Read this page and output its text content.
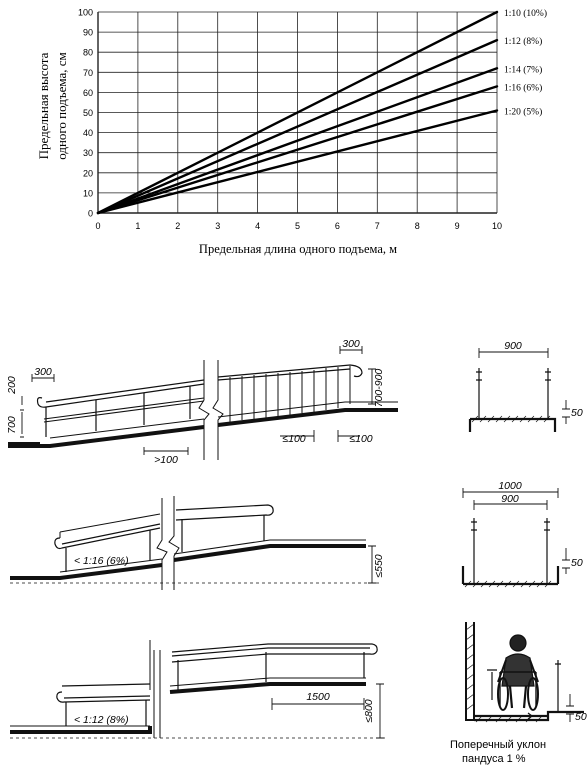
0	1	2	3	4	5	6	7	8	9	10
0
10
20
30
40
50
60
70
80
90
100	1:10 (10%)
1:12 (8%)
1:14 (7%)
1:16 (6%)
1:20 (5%)
Предельная длина одного подъема, м
Предельная высота одного подъема, см
300
200
700
>100
300
700-900
≤100	≤100
< 1:16 (6%)	≤550
< 1:12 (8%)
1500
≤800
900
50
1000
900
50
50
Поперечный уклон
пандуса 1 %
